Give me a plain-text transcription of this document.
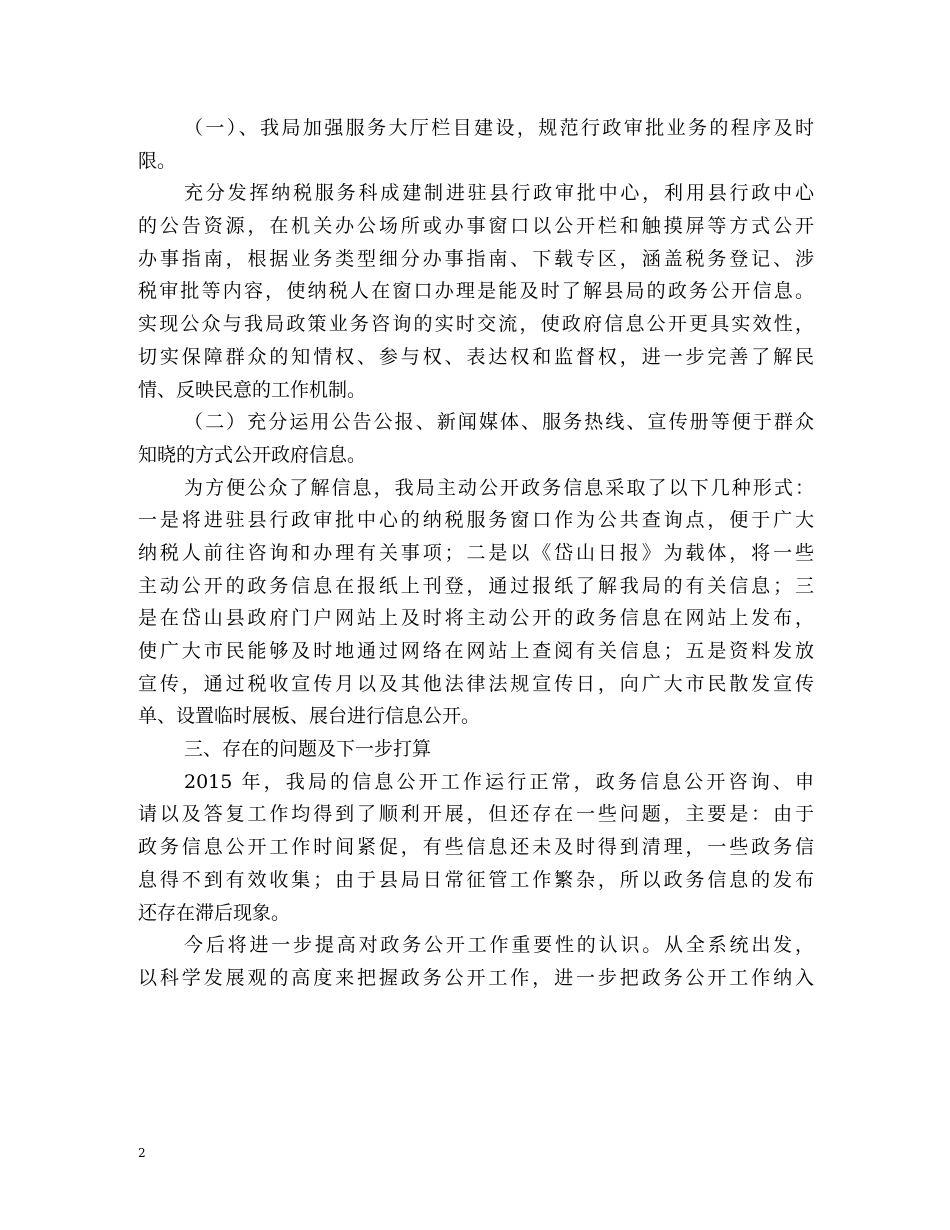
（一）、我局加强服务大厅栏目建设，规范行政审批业务的程序及时
限。
充分发挥纳税服务科成建制进驻县行政审批中心，利用县行政中心
的公告资源，在机关办公场所或办事窗口以公开栏和触摸屏等方式公开
办事指南，根据业务类型细分办事指南、下载专区，涵盖税务登记、涉
税审批等内容，使纳税人在窗口办理是能及时了解县局的政务公开信息。
实现公众与我局政策业务咨询的实时交流，使政府信息公开更具实效性，
切实保障群众的知情权、参与权、表达权和监督权，进一步完善了解民
情、反映民意的工作机制。
（二）充分运用公告公报、新闻媒体、服务热线、宣传册等便于群众
知晓的方式公开政府信息。
为方便公众了解信息，我局主动公开政务信息采取了以下几种形式：
一是将进驻县行政审批中心的纳税服务窗口作为公共查询点，便于广大
纳税人前往咨询和办理有关事项；二是以《岱山日报》为载体，将一些
主动公开的政务信息在报纸上刊登，通过报纸了解我局的有关信息；三
是在岱山县政府门户网站上及时将主动公开的政务信息在网站上发布，
使广大市民能够及时地通过网络在网站上查阅有关信息；五是资料发放
宣传，通过税收宣传月以及其他法律法规宣传日，向广大市民散发宣传
单、设置临时展板、展台进行信息公开。
三、存在的问题及下一步打算
2015 年，我局的信息公开工作运行正常，政务信息公开咨询、申
请以及答复工作均得到了顺利开展，但还存在一些问题，主要是：由于
政务信息公开工作时间紧促，有些信息还未及时得到清理，一些政务信
息得不到有效收集；由于县局日常征管工作繁杂，所以政务信息的发布
还存在滞后现象。
今后将进一步提高对政务公开工作重要性的认识。从全系统出发，
以科学发展观的高度来把握政务公开工作，进一步把政务公开工作纳入
2
